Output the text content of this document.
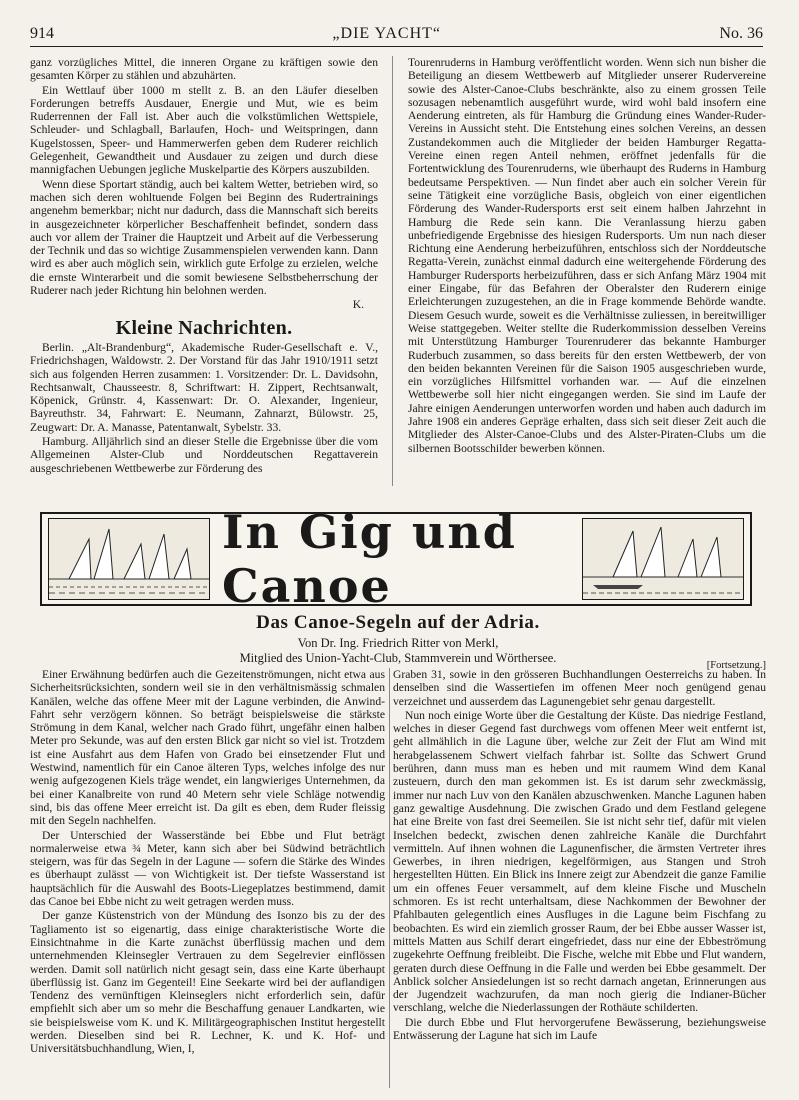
914	„DIE YACHT“	No. 36

ganz vorzügliches Mittel, die inneren Organe zu kräftigen sowie den gesamten Körper zu stählen und abzuhärten.

Ein Wettlauf über 1000 m stellt z. B. an den Läufer dieselben Forderungen betreffs Ausdauer, Energie und Mut, wie es beim Ruderrennen der Fall ist. Aber auch die volkstümlichen Wettspiele, Schleuder- und Schlagball, Barlaufen, Hoch- und Weitspringen, dann Kugelstossen, Speer- und Hammerwerfen geben dem Ruderer reichlich Gelegenheit, Gewandtheit und Ausdauer zu zeigen und durch diese mannigfachen Uebungen jegliche Muskelpartie des Körpers auszubilden.

Wenn diese Sportart ständig, auch bei kaltem Wetter, betrieben wird, so machen sich deren wohltuende Folgen bei Beginn des Rudertrainings angenehm bemerkbar; nicht nur dadurch, dass die Mannschaft sich bereits in ausgezeichneter körperlicher Beschaffenheit befindet, sondern dass auch vor allem der Trainer die Hauptzeit und Arbeit auf die Verbesserung der Technik und das so wichtige Zusammenspielen verwenden kann. Dann wird es aber auch möglich sein, wirklich gute Erfolge zu erzielen, welche die ernste Winterarbeit und die somit bewiesene Selbstbeherrschung der Ruderer nach jeder Richtung hin belohnen werden.

K.
Kleine Nachrichten.

Berlin. „Alt-Brandenburg“, Akademische Ruder-Gesellschaft e. V., Friedrichshagen, Waldowstr. 2. Der Vorstand für das Jahr 1910/1911 setzt sich aus folgenden Herren zusammen: 1. Vorsitzender: Dr. L. Davidsohn, Rechtsanwalt, Chausseestr. 8, Schriftwart: H. Zippert, Rechtsanwalt, Köpenick, Grünstr. 4, Kassenwart: Dr. O. Alexander, Ingenieur, Bayreuthstr. 34, Fahrwart: E. Neumann, Zahnarzt, Bülowstr. 25, Zeugwart: Dr. A. Manasse, Patentanwalt, Sybelstr. 33.

Hamburg. Alljährlich sind an dieser Stelle die Ergebnisse über die vom Allgemeinen Alster-Club und Norddeutschen Regattaverein ausgeschriebenen Wettbewerbe zur Förderung des

Tourenruderns in Hamburg veröffentlicht worden. Wenn sich nun bisher die Beteiligung an diesem Wettbewerb auf Mitglieder unserer Rudervereine sowie des Alster-Canoe-Clubs beschränkte, also zu einem grossen Teile sozusagen nebenamtlich ausgeführt wurde, wird wohl bald insofern eine Aenderung eintreten, als für Hamburg die Gründung eines Wander-Ruder-Vereins in Aussicht steht. Die Entstehung eines solchen Vereins, an dessen Zustandekommen auch die Mitglieder der beiden Hamburger Regatta-Vereine einen regen Anteil nehmen, eröffnet jedenfalls für die Fortentwicklung des Tourenruderns, wie überhaupt des Ruderns in Hamburg bedeutsame Perspektiven. — Nun findet aber auch ein solcher Verein für seine Tätigkeit eine vorzügliche Basis, obgleich von einer eigentlichen Förderung des Wander-Rudersports erst seit einem halben Jahrzehnt in Hamburg die Rede sein kann. Die Veranlassung hierzu gaben unbefriedigende Ergebnisse des hiesigen Rudersports. Um nun nach dieser Richtung eine Aenderung herbeizuführen, entschloss sich der Norddeutsche Regatta-Verein, zunächst einmal dadurch eine weitergehende Förderung des Hamburger Rudersports herbeizuführen, dass er sich Anfang März 1904 mit einer Eingabe, für das Befahren der Oberalster den Ruderern einige Erleichterungen zuzugestehen, an die in Frage kommende Behörde wandte. Diesem Gesuch wurde, soweit es die Verhältnisse zuliessen, in bereitwilliger Weise stattgegeben. Weiter stellte die Ruderkommission desselben Vereins mit Unterstützung Hamburger Tourenruderer das bekannte Hamburger Ruderbuch zusammen, so dass bereits für den ersten Wettbewerb, der von den beiden bekannten Vereinen für die Saison 1905 ausgeschrieben wurde, ein vorzügliches Hilfsmittel vorhanden war. — Auf die einzelnen Wettbewerbe soll hier nicht eingegangen werden. Sie sind im Laufe der Jahre einigen Aenderungen unterworfen worden und haben auch dadurch im Jahre 1908 ein anderes Gepräge erhalten, dass sich seit dieser Zeit auch die Mitglieder des Alster-Canoe-Clubs und des Alster-Piraten-Clubs um die silbernen Bootsschilder bewerben können.

In Gig und Canoe
Das Canoe-Segeln auf der Adria.
Von Dr. Ing. Friedrich Ritter von Merkl,
Mitglied des Union-Yacht-Club, Stammverein und Wörthersee.
[Fortsetzung.]

Einer Erwähnung bedürfen auch die Gezeitenströmungen, nicht etwa aus Sicherheitsrücksichten, sondern weil sie in den verhältnismässig schmalen Kanälen, welche das offene Meer mit der Lagune verbinden, die Anwind-Fahrt sehr verzögern können. So beträgt beispielsweise die stärkste Strömung in dem Kanal, welcher nach Grado führt, ungefähr einen halben Meter pro Sekunde, was auf den ersten Blick gar nicht so viel ist. Trotzdem ist eine Ausfahrt aus dem Hafen von Grado bei einsetzender Flut und Westwind, namentlich für ein Canoe älteren Typs, welches infolge des nur wenig aufgezogenen Kiels träge wendet, ein langwieriges Unternehmen, da bei einer Kanalbreite von rund 40 Metern sehr viele Schläge notwendig sind, bis das offene Meer erreicht ist. Da gilt es eben, dem Ruder fleissig mit den Segeln nachhelfen.

Der Unterschied der Wasserstände bei Ebbe und Flut beträgt normalerweise etwa ¾ Meter, kann sich aber bei Südwind beträchtlich steigern, was für das Segeln in der Lagune — sofern die Stärke des Windes es überhaupt zulässt — von Wichtigkeit ist. Der tiefste Wasserstand ist hauptsächlich für die Auswahl des Boots-Liegeplatzes bestimmend, damit das Canoe bei Ebbe nicht zu weit getragen werden muss.

Der ganze Küstenstrich von der Mündung des Isonzo bis zu der des Tagliamento ist so eigenartig, dass einige charakteristische Worte die Einsichtnahme in die Karte zunächst überflüssig machen und dem unternehmenden Kleinsegler Vertrauen zu dem Segelrevier einflössen werden. Damit soll natürlich nicht gesagt sein, dass eine Karte überhaupt überflüssig ist. Ganz im Gegenteil! Eine Seekarte wird bei der auflandigen Tendenz des vernünftigen Kleinseglers nicht erforderlich sein, dafür empfiehlt sich aber um so mehr die Beschaffung genauer Landkarten, wie sie beispielsweise vom K. und K. Militärgeographischen Institut hergestellt werden. Dieselben sind bei R. Lechner, K. und K. Hof- und Universitätsbuchhandlung, Wien, I,

Graben 31, sowie in den grösseren Buchhandlungen Oesterreichs zu haben. In denselben sind die Wassertiefen im offenen Meer noch genügend genau verzeichnet und ausserdem das Lagunengebiet sehr genau dargestellt.

Nun noch einige Worte über die Gestaltung der Küste. Das niedrige Festland, welches in dieser Gegend fast durchwegs vom offenen Meer weit entfernt ist, geht allmählich in die Lagune über, welche zur Zeit der Flut am Wind mit herabgelassenem Schwert vielfach fahrbar ist. Sollte das Schwert Grund berühren, dann muss man es heben und mit raumem Wind dem Kanal zusteuern, durch den man gekommen ist. Es ist darum sehr zweckmässig, immer nur nach Luv von den Kanälen abzuschwenken. Manche Lagunen haben ganz gewaltige Ausdehnung. Die zwischen Grado und dem Festland gelegene hat eine Breite von fast drei Seemeilen. Sie ist nicht sehr tief, dafür mit vielen Inselchen bedeckt, zwischen denen zahlreiche Kanäle die Durchfahrt vermitteln. Auf ihnen wohnen die Lagunenfischer, die ärmsten Vertreter ihres Gewerbes, in ihren niedrigen, kegelförmigen, aus Stangen und Stroh hergestellten Hütten. Ein Blick ins Innere zeigt zur Abendzeit die ganze Familie um ein offenes Feuer versammelt, auf dem kleine Fische und Muscheln schmoren. Es ist recht unterhaltsam, diese Nachkommen der Bewohner der Pfahlbauten gelegentlich eines Ausfluges in die Lagune beim Fischfang zu beobachten. Es wird ein ziemlich grosser Raum, der bei Ebbe ausser Wasser ist, mittels Matten aus Schilf derart eingefriedet, dass nur eine der Ebbeströmung zugekehrte Oeffnung freibleibt. Die Fische, welche mit Ebbe und Flut wandern, geraten durch diese Oeffnung in die Falle und werden bei Ebbe gesammelt. Der Anblick solcher Ansiedelungen ist so recht darnach angetan, Erinnerungen aus der Jugendzeit wachzurufen, da man noch gierig die Indianer-Bücher verschlang, welche die Niederlassungen der Rothäute schilderten.

Die durch Ebbe und Flut hervorgerufene Bewässerung, beziehungsweise Entwässerung der Lagune hat sich im Laufe
